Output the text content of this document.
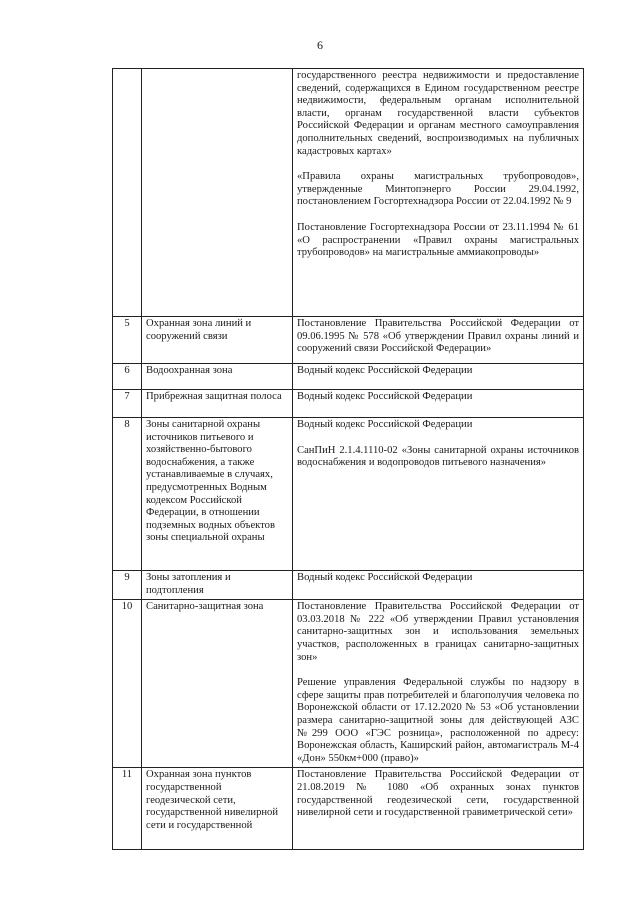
6

		государственного реестра недвижимости и предоставление сведений, содержащихся в Едином государственном реестре недвижимости, федеральным органам исполнительной власти, органам государственной власти субъектов Российской Федерации и органам местного самоуправления дополнительных сведений, воспроизводимых на публичных кадастровых картах»

«Правила охраны магистральных трубопроводов», утвержденные Минтопэнерго России 29.04.1992, постановлением Госгортехнадзора России от 22.04.1992 № 9

Постановление Госгортехнадзора России от 23.11.1994 № 61 «О распространении «Правил охраны магистральных трубопроводов» на магистральные аммиакопроводы»

5	Охранная зона линий и сооружений связи	Постановление Правительства Российской Федерации от 09.06.1995 № 578 «Об утверждении Правил охраны линий и сооружений связи Российской Федерации»

6	Водоохранная зона	Водный кодекс Российской Федерации

7	Прибрежная защитная полоса	Водный кодекс Российской Федерации

8	Зоны санитарной охраны источников питьевого и хозяйственно-бытового водоснабжения, а также устанавливаемые в случаях, предусмотренных Водным кодексом Российской Федерации, в отношении подземных водных объектов зоны специальной охраны	Водный кодекс Российской Федерации

СанПиН 2.1.4.1110-02 «Зоны санитарной охраны источников водоснабжения и водопроводов питьевого назначения»

9	Зоны затопления и подтопления	Водный кодекс Российской Федерации

10	Санитарно-защитная зона	Постановление Правительства Российской Федерации от 03.03.2018 № 222 «Об утверждении Правил установления санитарно-защитных зон и использования земельных участков, расположенных в границах санитарно-защитных зон»

Решение управления Федеральной службы по надзору в сфере защиты прав потребителей и благополучия человека по Воронежской области от 17.12.2020 № 53 «Об установлении размера санитарно-защитной зоны для действующей АЗС №299 ООО «ГЭС розница», расположенной по адресу: Воронежская область, Каширский район, автомагистраль М-4 «Дон» 550км+000 (право)»

11	Охранная зона пунктов государственной геодезической сети, государственной нивелирной сети и государственной	Постановление Правительства Российской Федерации от 21.08.2019 № 1080 «Об охранных зонах пунктов государственной геодезической сети, государственной нивелирной сети и государственной гравиметрической сети»
